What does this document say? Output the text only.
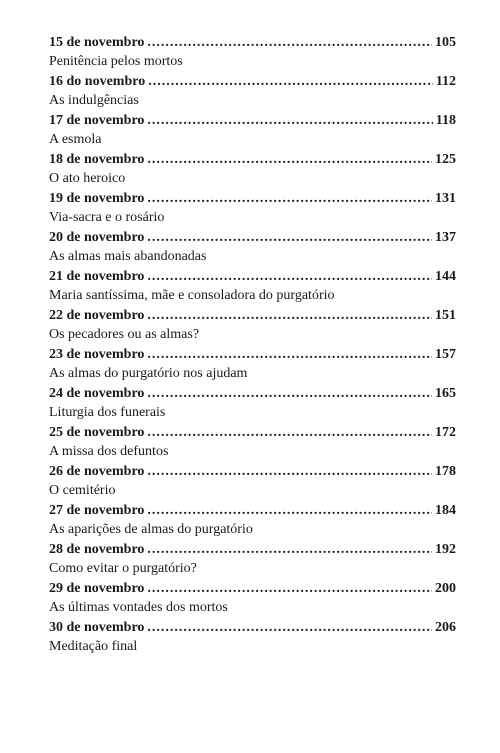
15 de novembro .....	105
Penitência pelos mortos
16 do novembro .....	112
As indulgências
17 de novembro .....	118
A esmola
18 de novembro .....	125
O ato heroico
19 de novembro .....	131
Via-sacra e o rosário
20 de novembro .....	137
As almas mais abandonadas
21 de novembro .....	144
Maria santíssima, mãe e consoladora do purgatório
22 de novembro .....	151
Os pecadores ou as almas?
23 de novembro .....	157
As almas do purgatório nos ajudam
24 de novembro .....	165
Liturgia dos funerais
25 de novembro .....	172
A missa dos defuntos
26 de novembro .....	178
O cemitério
27 de novembro .....	184
As aparições de almas do purgatório
28 de novembro .....	192
Como evitar o purgatório?
29 de novembro .....	200
As últimas vontades dos mortos
30 de novembro .....	206
Meditação final
